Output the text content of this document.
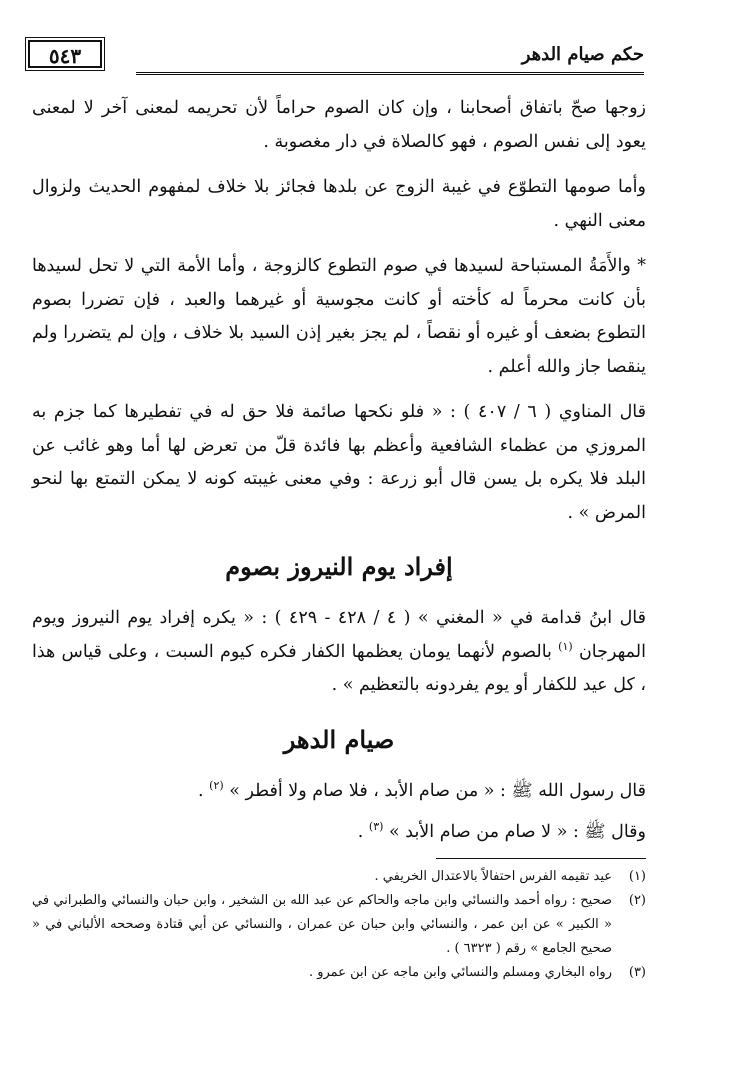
حكم صيام الدهر
٥٤٣

زوجها صحّ باتفاق أصحابنا ، وإن كان الصوم حراماً لأن تحريمه لمعنى آخر لا لمعنى يعود إلى نفس الصوم ، فهو كالصلاة في دار مغصوبة .

وأما صومها التطوّع في غيبة الزوج عن بلدها فجائز بلا خلاف لمفهوم الحديث ولزوال معنى النهي .

* والأَمَةُ المستباحة لسيدها في صوم التطوع كالزوجة ، وأما الأمة التي لا تحل لسيدها بأن كانت محرماً له كأخته أو كانت مجوسية أو غيرهما والعبد ، فإن تضررا بصوم التطوع بضعف أو غيره أو نقصاً ، لم يجز بغير إذن السيد بلا خلاف ، وإن لم يتضررا ولم ينقصا جاز والله أعلم .

قال المناوي ( ٦ / ٤٠٧ ) : « فلو نكحها صائمة فلا حق له في تفطيرها كما جزم به المروزي من عظماء الشافعية وأعظم بها فائدة قلّ من تعرض لها أما وهو غائب عن البلد فلا يكره بل يسن قال أبو زرعة : وفي معنى غيبته كونه لا يمكن التمتع بها لنحو المرض » .

إفراد يوم النيروز بصوم

قال ابنُ قدامة في « المغني » ( ٤ / ٤٢٨ - ٤٢٩ ) : « يكره إفراد يوم النيروز ويوم المهرجان $^{(١)}$ بالصوم لأنهما يومان يعظمها الكفار فكره كيوم السبت ، وعلى قياس هذا ، كل عيد للكفار أو يوم يفردونه بالتعظيم » .

صيام الدهر

قال رسول الله ﷺ : « من صام الأبد ، فلا صام ولا أفطر » $^{(٢)}$ .

وقال ﷺ : « لا صام من صام الأبد » $^{(٣)}$ .

(١)
عيد تقيمه الفرس احتفالاً بالاعتدال الخريفي .
(٢)
صحيح : رواه أحمد والنسائي وابن ماجه والحاكم عن عبد الله بن الشخير ، وابن حبان والنسائي والطبراني في « الكبير » عن ابن عمر ، والنسائي وابن حبان عن عمران ، والنسائي عن أبي قتادة وصححه الألباني في « صحيح الجامع » رقم ( ٦٣٢٣ ) .
(٣)
رواه البخاري ومسلم والنسائي وابن ماجه عن ابن عمرو .
